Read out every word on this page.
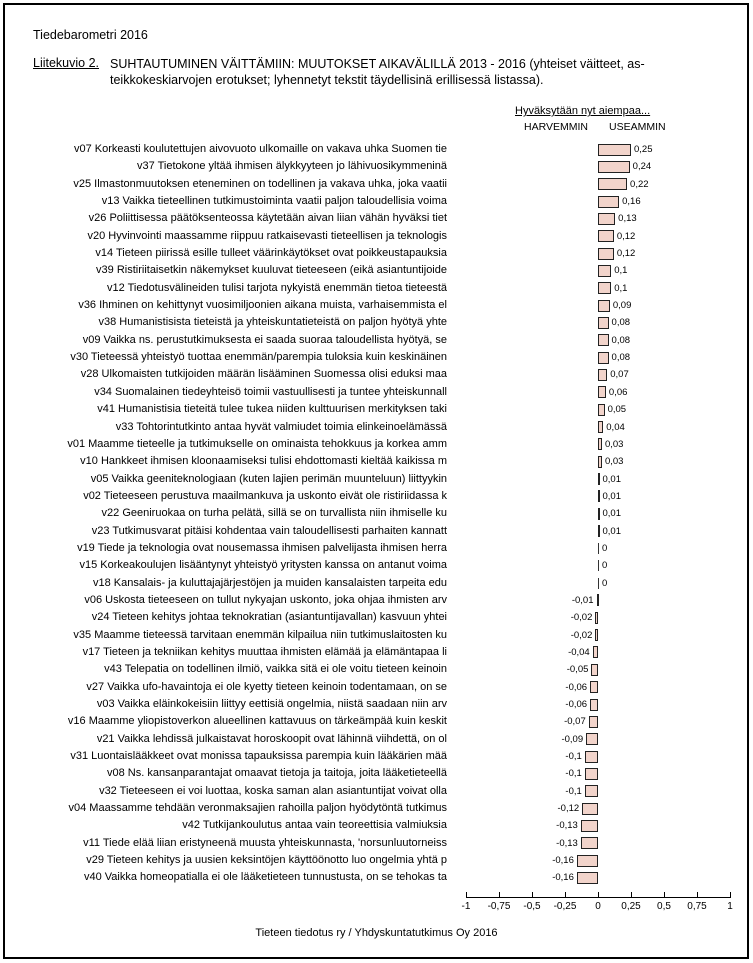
Tiedebarometri 2016
Liitekuvio 2. SUHTAUTUMINEN VÄITTÄMIIN: MUUTOKSET AIKAVÄLILLÄ 2013 - 2016 (yhteiset väitteet, as-
teikkokeskiarvojen erotukset; lyhennetyt tekstit täydellisinä erillisessä listassa).
Hyväksytään nyt aiempaa...
HARVEMMIN USEAMMIN
v07 Korkeasti koulutettujen aivovuoto ulkomaille on vakava uhka Suomen tie	0,25
v37 Tietokone yltää ihmisen älykkyyteen jo lähivuosikymmeninä	0,24
v25 Ilmastonmuutoksen eteneminen on todellinen ja vakava uhka, joka vaatii	0,22
v13 Vaikka tieteellinen tutkimustoiminta vaatii paljon taloudellisia voima	0,16
v26 Poliittisessa päätöksenteossa käytetään aivan liian vähän hyväksi tiet	0,13
v20 Hyvinvointi maassamme riippuu ratkaisevasti tieteellisen ja teknologis	0,12
v14 Tieteen piirissä esille tulleet väärinkäytökset ovat poikkeustapauksia	0,12
v39 Ristiriitaisetkin näkemykset kuuluvat tieteeseen (eikä asiantuntijoide	0,1
v12 Tiedotusvälineiden tulisi tarjota nykyistä enemmän tietoa tieteestä	0,1
v36 Ihminen on kehittynyt vuosimiljoonien aikana muista, varhaisemmista el	0,09
v38 Humanistisista tieteistä ja yhteiskuntatieteistä on paljon hyötyä yhte	0,08
v09 Vaikka ns. perustutkimuksesta ei saada suoraa taloudellista hyötyä, se	0,08
v30 Tieteessä yhteistyö tuottaa enemmän/parempia tuloksia kuin keskinäinen	0,08
v28 Ulkomaisten tutkijoiden määrän lisääminen Suomessa olisi eduksi maa	0,07
v34 Suomalainen tiedeyhteisö toimii vastuullisesti ja tuntee yhteiskunnall	0,06
v41 Humanistisia tieteitä tulee tukea niiden kulttuurisen merkityksen taki	0,05
v33 Tohtorintutkinto antaa hyvät valmiudet toimia elinkeinoelämässä	0,04
v01 Maamme tieteelle ja tutkimukselle on ominaista tehokkuus ja korkea amm	0,03
v10 Hankkeet ihmisen kloonaamiseksi tulisi ehdottomasti kieltää kaikissa m	0,03
v05 Vaikka geeniteknologiaan (kuten lajien perimän muunteluun) liittyykin	0,01
v02 Tieteeseen perustuva maailmankuva ja uskonto eivät ole ristiriidassa k	0,01
v22 Geeniruokaa on turha pelätä, sillä se on turvallista niin ihmiselle ku	0,01
v23 Tutkimusvarat pitäisi kohdentaa vain taloudellisesti parhaiten kannatt	0,01
v19 Tiede ja teknologia ovat nousemassa ihmisen palvelijasta ihmisen herra	0
v15 Korkeakoulujen lisääntynyt yhteistyö yritysten kanssa on antanut voima	0
v18 Kansalais- ja kuluttajajärjestöjen ja muiden kansalaisten tarpeita edu	0
v06 Uskosta tieteeseen on tullut nykyajan uskonto, joka ohjaa ihmisten arv	-0,01
v24 Tieteen kehitys johtaa teknokratian (asiantuntijavallan) kasvuun yhtei	-0,02
v35 Maamme tieteessä tarvitaan enemmän kilpailua niin tutkimuslaitosten ku	-0,02
v17 Tieteen ja tekniikan kehitys muuttaa ihmisten elämää ja elämäntapaa li	-0,04
v43 Telepatia on todellinen ilmiö, vaikka sitä ei ole voitu tieteen keinoin	-0,05
v27 Vaikka ufo-havaintoja ei ole kyetty tieteen keinoin todentamaan, on se	-0,06
v03 Vaikka eläinkokeisiin liittyy eettisiä ongelmia, niistä saadaan niin arv	-0,06
v16 Maamme yliopistoverkon alueellinen kattavuus on tärkeämpää kuin keskit	-0,07
v21 Vaikka lehdissä julkaistavat horoskoopit ovat lähinnä viihdettä, on ol	-0,09
v31 Luontaislääkkeet ovat monissa tapauksissa parempia kuin lääkärien mää	-0,1
v08 Ns. kansanparantajat omaavat tietoja ja taitoja, joita lääketieteellä	-0,1
v32 Tieteeseen ei voi luottaa, koska saman alan asiantuntijat voivat olla	-0,1
v04 Maassamme tehdään veronmaksajien rahoilla paljon hyödytöntä tutkimus	-0,12
v42 Tutkijankoulutus antaa vain teoreettisia valmiuksia	-0,13
v11 Tiede elää liian eristyneenä muusta yhteiskunnasta, 'norsunluutorneiss	-0,13
v29 Tieteen kehitys ja uusien keksintöjen käyttöönotto luo ongelmia yhtä p	-0,16
v40 Vaikka homeopatialla ei ole lääketieteen tunnustusta, on se tehokas ta	-0,16
-1 -0,75 -0,5 -0,25 0 0,25 0,5 0,75 1
Tieteen tiedotus ry / Yhdyskuntatutkimus Oy 2016
